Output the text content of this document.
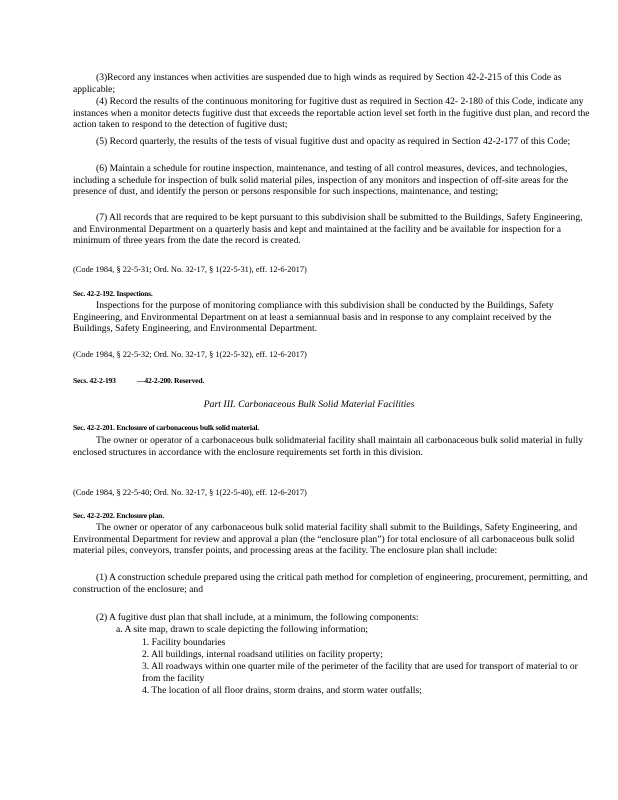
(3)Record any instances when activities are suspended due to high winds as required by Section 42-2-215 of this Code as applicable;

(4) Record the results of the continuous monitoring for fugitive dust as required in Section 42- 2-180 of this Code, indicate any instances when a monitor detects fugitive dust that exceeds the reportable action level set forth in the fugitive dust plan, and record the action taken to respond to the detection of fugitive dust;

(5) Record quarterly, the results of the tests of visual fugitive dust and opacity as required in Section 42-2-177 of this Code;

(6) Maintain a schedule for routine inspection, maintenance, and testing of all control measures, devices, and technologies, including a schedule for inspection of bulk solid material piles, inspection of any monitors and inspection of off-site areas for the presence of dust, and identify the person or persons responsible for such inspections, maintenance, and testing;

(7) All records that are required to be kept pursuant to this subdivision shall be submitted to the Buildings, Safety Engineering, and Environmental Department on a quarterly basis and kept and maintained at the facility and be available for inspection for a minimum of three years from the date the record is created.

(Code 1984, § 22-5-31; Ord. No. 32-17, § 1(22-5-31), eff. 12-6-2017)

Sec. 42-2-192. Inspections.

Inspections for the purpose of monitoring compliance with this subdivision shall be conducted by the Buildings, Safety Engineering, and Environmental Department on at least a semiannual basis and in response to any complaint received by the Buildings, Safety Engineering, and Environmental Department.

(Code 1984, § 22-5-32; Ord. No. 32-17, § 1(22-5-32), eff. 12-6-2017)

Secs. 42-2-193	—42-2-200. Reserved.

Part III. Carbonaceous Bulk Solid Material Facilities

Sec. 42-2-201. Enclosure of carbonaceous bulk solid material.

The owner or operator of a carbonaceous bulk solidmaterial facility shall maintain all carbonaceous bulk solid material in fully enclosed structures in accordance with the enclosure requirements set forth in this division.

(Code 1984, § 22-5-40; Ord. No. 32-17, § 1(22-5-40), eff. 12-6-2017)

Sec. 42-2-202. Enclosure plan.

The owner or operator of any carbonaceous bulk solid material facility shall submit to the Buildings, Safety Engineering, and Environmental Department for review and approval a plan (the “enclosure plan”) for total enclosure of all carbonaceous bulk solid material piles, conveyors, transfer points, and processing areas at the facility. The enclosure plan shall include:

(1) A construction schedule prepared using the critical path method for completion of engineering, procurement, permitting, and construction of the enclosure; and

(2) A fugitive dust plan that shall include, at a minimum, the following components:

a. A site map, drawn to scale depicting the following information;

1. Facility boundaries

2. All buildings, internal roadsand utilities on facility property;

3. All roadways within one quarter mile of the perimeter of the facility that are used for transport of material to or from the facility

4. The location of all floor drains, storm drains, and storm water outfalls;
